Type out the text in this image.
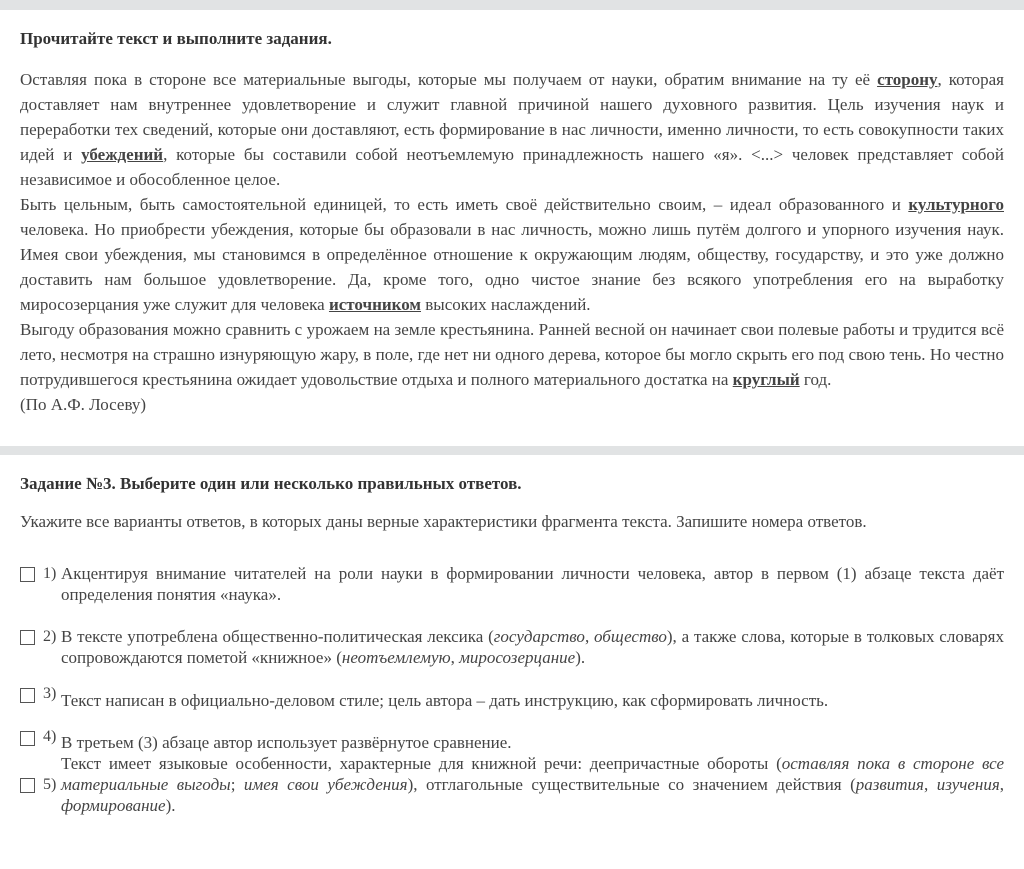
Прочитайте текст и выполните задания.

Оставляя пока в стороне все материальные выгоды, которые мы получаем от науки, обратим внимание на ту её сторону, которая доставляет нам внутреннее удовлетворение и служит главной причиной нашего духовного развития. Цель изучения наук и переработки тех сведений, которые они доставляют, есть формирование в нас личности, именно личности, то есть совокупности таких идей и убеждений, которые бы составили собой неотъемлемую принадлежность нашего «я». <...> человек представляет собой независимое и обособленное целое.

Быть цельным, быть самостоятельной единицей, то есть иметь своё действительно своим, – идеал образованного и культурного человека. Но приобрести убеждения, которые бы образовали в нас личность, можно лишь путём долгого и упорного изучения наук. Имея свои убеждения, мы становимся в определённое отношение к окружающим людям, обществу, государству, и это уже должно доставить нам большое удовлетворение. Да, кроме того, одно чистое знание без всякого употребления его на выработку миросозерцания уже служит для человека источником высоких наслаждений.

Выгоду образования можно сравнить с урожаем на земле крестьянина. Ранней весной он начинает свои полевые работы и трудится всё лето, несмотря на страшно изнуряющую жару, в поле, где нет ни одного дерева, которое бы могло скрыть его под свою тень. Но честно потрудившегося крестьянина ожидает удовольствие отдыха и полного материального достатка на круглый год.

(По А.Ф. Лосеву)

Задание №3. Выберите один или несколько правильных ответов.

Укажите все варианты ответов, в которых даны верные характеристики фрагмента текста. Запишите номера ответов.

1) Акцентируя внимание читателей на роли науки в формировании личности человека, автор в первом (1) абзаце текста даёт определения понятия «наука».
2) В тексте употреблена общественно-политическая лексика (государство, общество), а также слова, которые в толковых словарях сопровождаются пометой «книжное» (неотъемлемую, миросозерцание).
3) Текст написан в официально-деловом стиле; цель автора – дать инструкцию, как сформировать личность.
4) В третьем (3) абзаце автор использует развёрнутое сравнение.
5)
Текст имеет языковые особенности, характерные для книжной речи: деепричастные обороты (оставляя пока в стороне все материальные выгоды; имея свои убеждения), отглагольные существительные со значением действия (развития, изучения, формирование).
